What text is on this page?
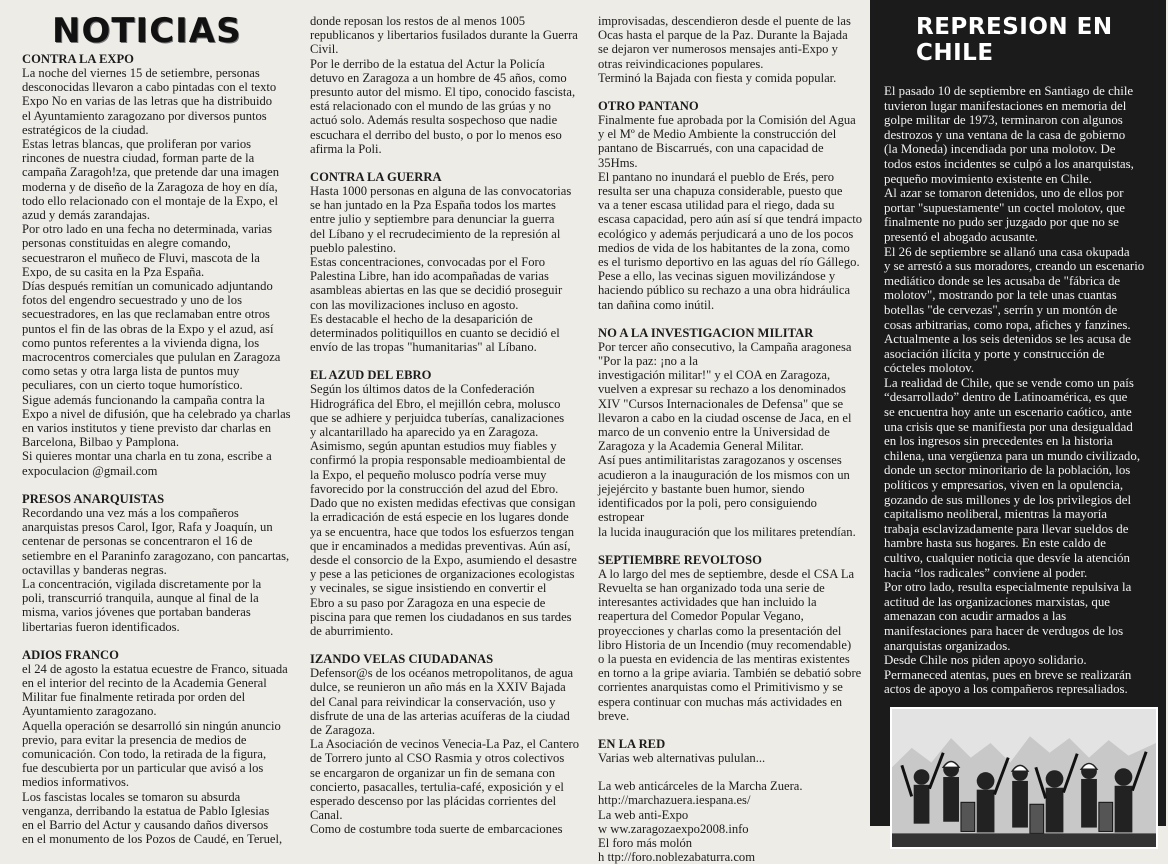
NOTICIAS
CONTRA LA EXPO
La noche del viernes 15 de setiembre, personas
desconocidas llevaron a cabo pintadas con el texto
Expo No en varias de las letras que ha distribuido
el Ayuntamiento zaragozano por diversos puntos
estratégicos de la ciudad.
Estas letras blancas, que proliferan por varios
rincones de nuestra ciudad, forman parte de la
campaña Zaragoh!za, que pretende dar una imagen
moderna y de diseño de la Zaragoza de hoy en día,
todo ello relacionado con el montaje de la Expo, el
azud y demás zarandajas.
Por otro lado en una fecha no determinada, varias
personas constituidas en alegre comando,
secuestraron el muñeco de Fluvi, mascota de la
Expo, de su casita en la Pza España.
Días después remitían un comunicado adjuntando
fotos del engendro secuestrado y uno de los
secuestradores, en las que reclamaban entre otros
puntos el fin de las obras de la Expo y el azud, así
como puntos referentes a la vivienda digna, los
macrocentros comerciales que pululan en Zaragoza
como setas y otra larga lista de puntos muy
peculiares, con un cierto toque humorístico.
Sigue además funcionando la campaña contra la
Expo a nivel de difusión, que ha celebrado ya charlas
en varios institutos y tiene previsto dar charlas en
Barcelona, Bilbao y Pamplona.
Si quieres montar una charla en tu zona, escribe a
expoculacion @gmail.com
PRESOS ANARQUISTAS
Recordando una vez más a los compañeros
anarquistas presos Carol, Igor, Rafa y Joaquín, un
centenar de personas se concentraron el 16 de
setiembre en el Paraninfo zaragozano, con pancartas,
octavillas y banderas negras.
La concentración, vigilada discretamente por la
poli, transcurrió tranquila, aunque al final de la
misma, varios jóvenes que portaban banderas
libertarias fueron identificados.
ADIOS FRANCO
el 24 de agosto la estatua ecuestre de Franco, situada
en el interior del recinto de la Academia General
Militar fue finalmente retirada por orden del
Ayuntamiento zaragozano.
Aquella operación se desarrolló sin ningún anuncio
previo, para evitar la presencia de medios de
comunicación. Con todo, la retirada de la figura,
fue descubierta por un particular que avisó a los
medios informativos.
Los fascistas locales se tomaron su absurda
venganza, derribando la estatua de Pablo Iglesias
en el Barrio del Actur y causando daños diversos
en el monumento de los Pozos de Caudé, en Teruel,
donde reposan los restos de al menos 1005
republicanos y libertarios fusilados durante la Guerra
Civil.
Por le derribo de la estatua del Actur la Policía
detuvo en Zaragoza a un hombre de 45 años, como
presunto autor del mismo. El tipo, conocido fascista,
está relacionado con el mundo de las grúas y no
actuó solo. Además resulta sospechoso que nadie
escuchara el derribo del busto, o por lo menos eso
afirma la Poli.
CONTRA LA GUERRA
Hasta 1000 personas en alguna de las convocatorias
se han juntado en la Pza España todos los martes
entre julio y septiembre para denunciar la guerra
del Líbano y el recrudecimiento de la represión al
pueblo palestino.
Estas concentraciones, convocadas por el Foro
Palestina Libre, han ido acompañadas de varias
asambleas abiertas en las que se decidió proseguir
con las movilizaciones incluso en agosto.
Es destacable el hecho de la desaparición de
determinados politiquillos en cuanto se decidió el
envío de las tropas "humanitarias" al Líbano.
EL AZUD DEL EBRO
Según los últimos datos de la Confederación
Hidrográfica del Ebro, el mejillón cebra, molusco
que se adhiere y perjuidca tuberías, canalizaciones
y alcantarillado ha aparecido ya en Zaragoza.
Asimismo, según apuntan estudios muy fiables y
confirmó la propia responsable medioambiental de
la Expo, el pequeño molusco podría verse muy
favorecido por la construcción del azud del Ebro.
Dado que no existen medidas efectivas que consigan
la erradicación de está especie en los lugares donde
ya se encuentra, hace que todos los esfuerzos tengan
que ir encaminados a medidas preventivas. Aún así,
desde el consorcio de la Expo, asumiendo el desastre
y pese a las peticiones de organizaciones ecologistas
y vecinales, se sigue insistiendo en convertir el
Ebro a su paso por Zaragoza en una especie de
piscina para que remen los ciudadanos en sus tardes
de aburrimiento.
IZANDO VELAS CIUDADANAS
Defensor@s de los océanos metropolitanos, de agua
dulce, se reunieron un año más en la XXIV Bajada
del Canal para reivindicar la conservación, uso y
disfrute de una de las arterias acuíferas de la ciudad
de Zaragoza.
La Asociación de vecinos Venecia-La Paz, el Cantero
de Torrero junto al CSO Rasmia y otros colectivos
se encargaron de organizar un fin de semana con
concierto, pasacalles, tertulia-café, exposición y el
esperado descenso por las plácidas corrientes del
Canal.
Como de costumbre toda suerte de embarcaciones
improvisadas, descendieron desde el puente de las
Ocas hasta el parque de la Paz. Durante la Bajada
se dejaron ver numerosos mensajes anti-Expo y
otras reivindicaciones populares.
Terminó la Bajada con fiesta y comida popular.
OTRO PANTANO
Finalmente fue aprobada por la Comisión del Agua
y el Mº de Medio Ambiente la construcción del
pantano de Biscarrués, con una capacidad de 35Hms.
El pantano no inundará el pueblo de Erés, pero
resulta ser una chapuza considerable, puesto que
va a tener escasa utilidad para el riego, dada su
escasa capacidad, pero aún así sí que tendrá impacto
ecológico y además perjudicará a uno de los pocos
medios de vida de los habitantes de la zona, como
es el turismo deportivo en las aguas del río Gállego.
Pese a ello, las vecinas siguen movilizándose y
haciendo público su rechazo a una obra hidráulica
tan dañina como inútil.
NO A LA INVESTIGACION MILITAR
Por tercer año consecutivo, la Campaña aragonesa
"Por la paz: ¡no a la
investigación militar!" y el COA en Zaragoza,
vuelven a expresar su rechazo a los denominados
XIV "Cursos Internacionales de Defensa" que se
llevaron a cabo en la ciudad oscense de Jaca, en el
marco de un convenio entre la Universidad de
Zaragoza y la Academia General Militar.
Así pues antimilitaristas zaragozanos y oscenses
acudieron a la inauguración de los mismos con un
jejejército y bastante buen humor, siendo
identificados por la poli, pero consiguiendo estropear
la lucida inauguración que los militares pretendían.
SEPTIEMBRE REVOLTOSO
A lo largo del mes de septiembre, desde el CSA La
Revuelta se han organizado toda una serie de
interesantes actividades que han incluido la
reapertura del Comedor Popular Vegano,
proyecciones y charlas como la presentación del
libro Historia de un Incendio (muy recomendable)
o la puesta en evidencia de las mentiras existentes
en torno a la gripe aviaria. También se debatió sobre
corrientes anarquistas como el Primitivismo y se
espera continuar con muchas más actividades en
breve.
EN LA RED
Varias web alternativas pululan...
La web anticárceles de la Marcha Zuera.
http://marchazuera.iespana.es/
La web anti-Expo
w ww.zaragozaexpo2008.info
El foro más molón
h ttp://foro.noblezabaturra.com
REPRESION EN CHILE
El pasado 10 de septiembre en Santiago de chile
tuvieron lugar manifestaciones en memoria del
golpe militar de 1973, terminaron con algunos
destrozos y una ventana de la casa de gobierno
(la Moneda) incendiada por una molotov. De
todos estos incidentes se culpó a los anarquistas,
pequeño movimiento existente en Chile.
Al azar se tomaron detenidos, uno de ellos por
portar "supuestamente" un coctel molotov, que
finalmente no pudo ser juzgado por que no se
presentó el abogado acusante.
El 26 de septiembre se allanó una casa okupada
y se arrestó a sus moradores, creando un escenario
mediático donde se les acusaba de "fábrica de
molotov", mostrando por la tele unas cuantas
botellas "de cervezas", serrín y un montón de
cosas arbitrarias, como ropa, afiches y fanzines.
Actualmente a los seis detenidos se les acusa de
asociación ilícita y porte y construcción de
cócteles molotov.
La realidad de Chile, que se vende como un país
“desarrollado” dentro de Latinoamérica, es que
se encuentra hoy ante un escenario caótico, ante
una crisis que se manifiesta por una desigualdad
en los ingresos sin precedentes en la historia
chilena, una vergüenza para un mundo civilizado,
donde un sector minoritario de la población, los
políticos y empresarios, viven en la opulencia,
gozando de sus millones y de los privilegios del
capitalismo neoliberal, mientras la mayoría
trabaja esclavizadamente para llevar sueldos de
hambre hasta sus hogares. En este caldo de
cultivo, cualquier noticia que desvíe la atención
hacia “los radicales” conviene al poder.
Por otro lado, resulta especialmente repulsiva la
actitud de las organizaciones marxistas, que
amenazan con acudir armados a las
manifestaciones para hacer de verdugos de los
anarquistas organizados.
Desde Chile nos piden apoyo solidario.
Permaneced atentas, pues en breve se realizarán
actos de apoyo a los compañeros represaliados.
